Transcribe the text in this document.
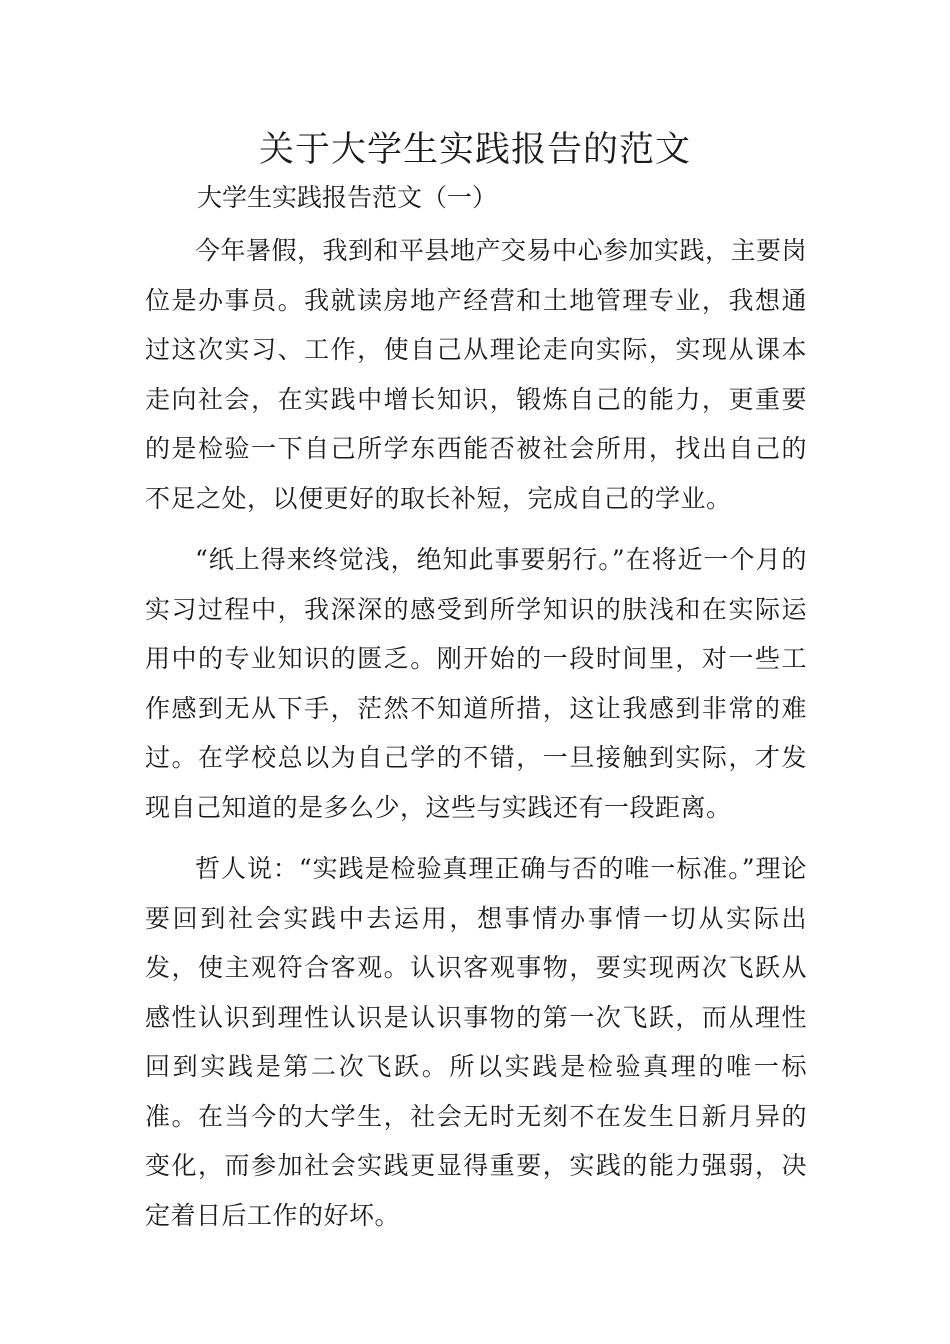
关于大学生实践报告的范文

大学生实践报告范文（一）

今年暑假，我到和平县地产交易中心参加实践，主要岗位是办事员。我就读房地产经营和土地管理专业，我想通过这次实习、工作，使自己从理论走向实际，实现从课本走向社会，在实践中增长知识，锻炼自己的能力，更重要的是检验一下自己所学东西能否被社会所用，找出自己的不足之处，以便更好的取长补短，完成自己的学业。

“纸上得来终觉浅，绝知此事要躬行。”在将近一个月的实习过程中，我深深的感受到所学知识的肤浅和在实际运用中的专业知识的匮乏。刚开始的一段时间里，对一些工作感到无从下手，茫然不知道所措，这让我感到非常的难过。在学校总以为自己学的不错，一旦接触到实际，才发现自己知道的是多么少，这些与实践还有一段距离。

哲人说：“实践是检验真理正确与否的唯一标准。”理论要回到社会实践中去运用，想事情办事情一切从实际出发，使主观符合客观。认识客观事物，要实现两次飞跃从感性认识到理性认识是认识事物的第一次飞跃，而从理性回到实践是第二次飞跃。所以实践是检验真理的唯一标准。在当今的大学生，社会无时无刻不在发生日新月异的变化，而参加社会实践更显得重要，实践的能力强弱，决定着日后工作的好坏。
